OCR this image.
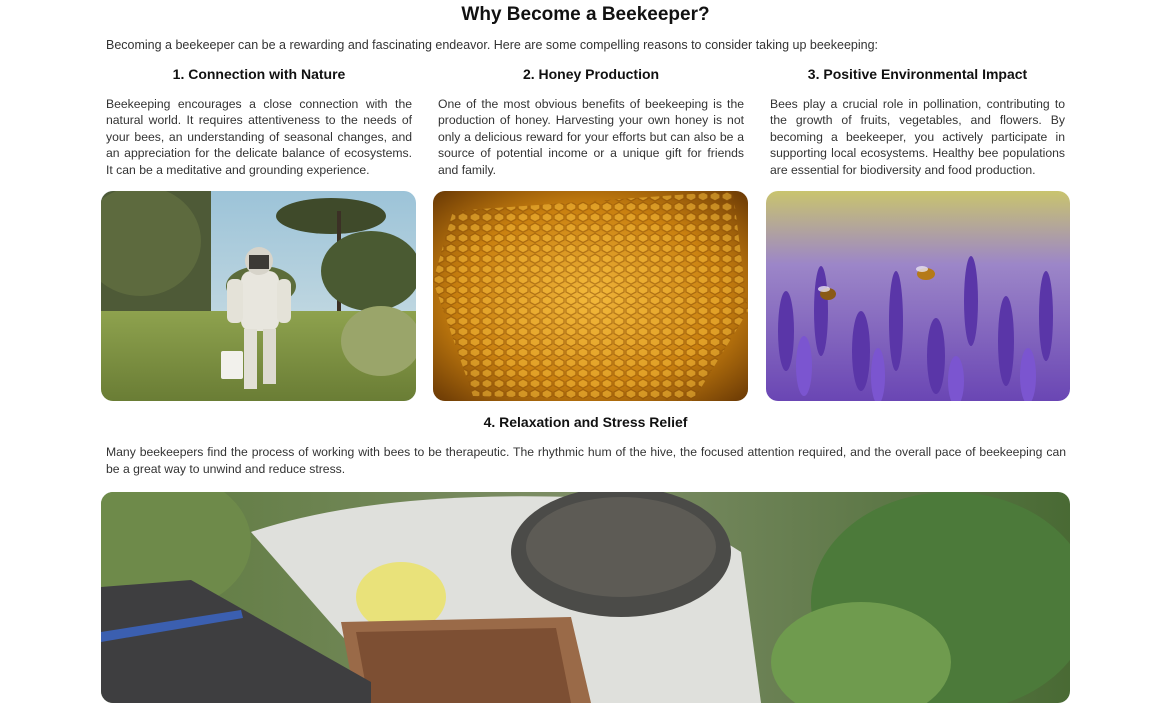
Why Become a Beekeeper?

Becoming a beekeeper can be a rewarding and fascinating endeavor. Here are some compelling reasons to consider taking up beekeeping:

1. Connection with Nature

Beekeeping encourages a close connection with the natural world. It requires attentiveness to the needs of your bees, an understanding of seasonal changes, and an appreciation for the delicate balance of ecosystems. It can be a meditative and grounding experience.

2. Honey Production

One of the most obvious benefits of beekeeping is the production of honey. Harvesting your own honey is not only a delicious reward for your efforts but can also be a source of potential income or a unique gift for friends and family.

3. Positive Environmental Impact

Bees play a crucial role in pollination, contributing to the growth of fruits, vegetables, and flowers. By becoming a beekeeper, you actively participate in supporting local ecosystems. Healthy bee populations are essential for biodiversity and food production.

4. Relaxation and Stress Relief

Many beekeepers find the process of working with bees to be therapeutic. The rhythmic hum of the hive, the focused attention required, and the overall pace of beekeeping can be a great way to unwind and reduce stress.
